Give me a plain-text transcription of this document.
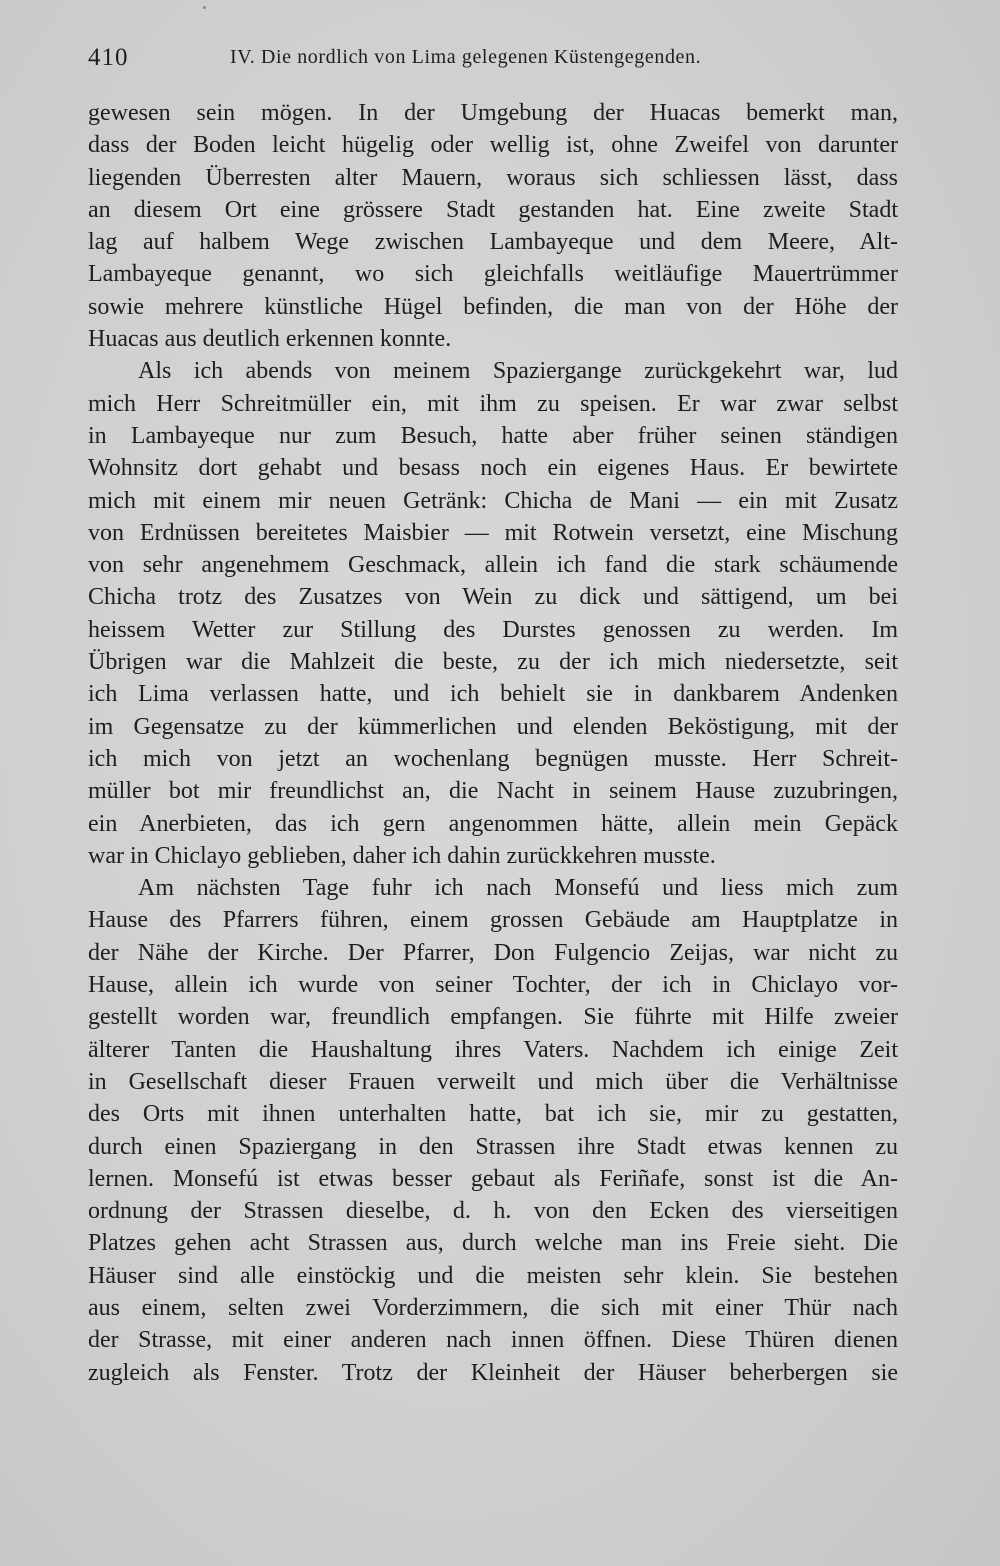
410	IV. Die nordlich von Lima gelegenen Küstengegenden.
gewesen sein mögen. In der Umgebung der Huacas bemerkt man,
dass der Boden leicht hügelig oder wellig ist, ohne Zweifel von darunter
liegenden Überresten alter Mauern, woraus sich schliessen lässt, dass
an diesem Ort eine grössere Stadt gestanden hat. Eine zweite Stadt
lag auf halbem Wege zwischen Lambayeque und dem Meere, Alt-
Lambayeque genannt, wo sich gleichfalls weitläufige Mauertrümmer
sowie mehrere künstliche Hügel befinden, die man von der Höhe der
Huacas aus deutlich erkennen konnte.
Als ich abends von meinem Spaziergange zurückgekehrt war, lud
mich Herr Schreitmüller ein, mit ihm zu speisen. Er war zwar selbst
in Lambayeque nur zum Besuch, hatte aber früher seinen ständigen
Wohnsitz dort gehabt und besass noch ein eigenes Haus. Er bewirtete
mich mit einem mir neuen Getränk: Chicha de Mani — ein mit Zusatz
von Erdnüssen bereitetes Maisbier — mit Rotwein versetzt, eine Mischung
von sehr angenehmem Geschmack, allein ich fand die stark schäumende
Chicha trotz des Zusatzes von Wein zu dick und sättigend, um bei
heissem Wetter zur Stillung des Durstes genossen zu werden. Im
Übrigen war die Mahlzeit die beste, zu der ich mich niedersetzte, seit
ich Lima verlassen hatte, und ich behielt sie in dankbarem Andenken
im Gegensatze zu der kümmerlichen und elenden Beköstigung, mit der
ich mich von jetzt an wochenlang begnügen musste. Herr Schreit-
müller bot mir freundlichst an, die Nacht in seinem Hause zuzubringen,
ein Anerbieten, das ich gern angenommen hätte, allein mein Gepäck
war in Chiclayo geblieben, daher ich dahin zurückkehren musste.
Am nächsten Tage fuhr ich nach Monsefú und liess mich zum
Hause des Pfarrers führen, einem grossen Gebäude am Hauptplatze in
der Nähe der Kirche. Der Pfarrer, Don Fulgencio Zeijas, war nicht zu
Hause, allein ich wurde von seiner Tochter, der ich in Chiclayo vor-
gestellt worden war, freundlich empfangen. Sie führte mit Hilfe zweier
älterer Tanten die Haushaltung ihres Vaters. Nachdem ich einige Zeit
in Gesellschaft dieser Frauen verweilt und mich über die Verhältnisse
des Orts mit ihnen unterhalten hatte, bat ich sie, mir zu gestatten,
durch einen Spaziergang in den Strassen ihre Stadt etwas kennen zu
lernen. Monsefú ist etwas besser gebaut als Feriñafe, sonst ist die An-
ordnung der Strassen dieselbe, d. h. von den Ecken des vierseitigen
Platzes gehen acht Strassen aus, durch welche man ins Freie sieht. Die
Häuser sind alle einstöckig und die meisten sehr klein. Sie bestehen
aus einem, selten zwei Vorderzimmern, die sich mit einer Thür nach
der Strasse, mit einer anderen nach innen öffnen. Diese Thüren dienen
zugleich als Fenster. Trotz der Kleinheit der Häuser beherbergen sie
